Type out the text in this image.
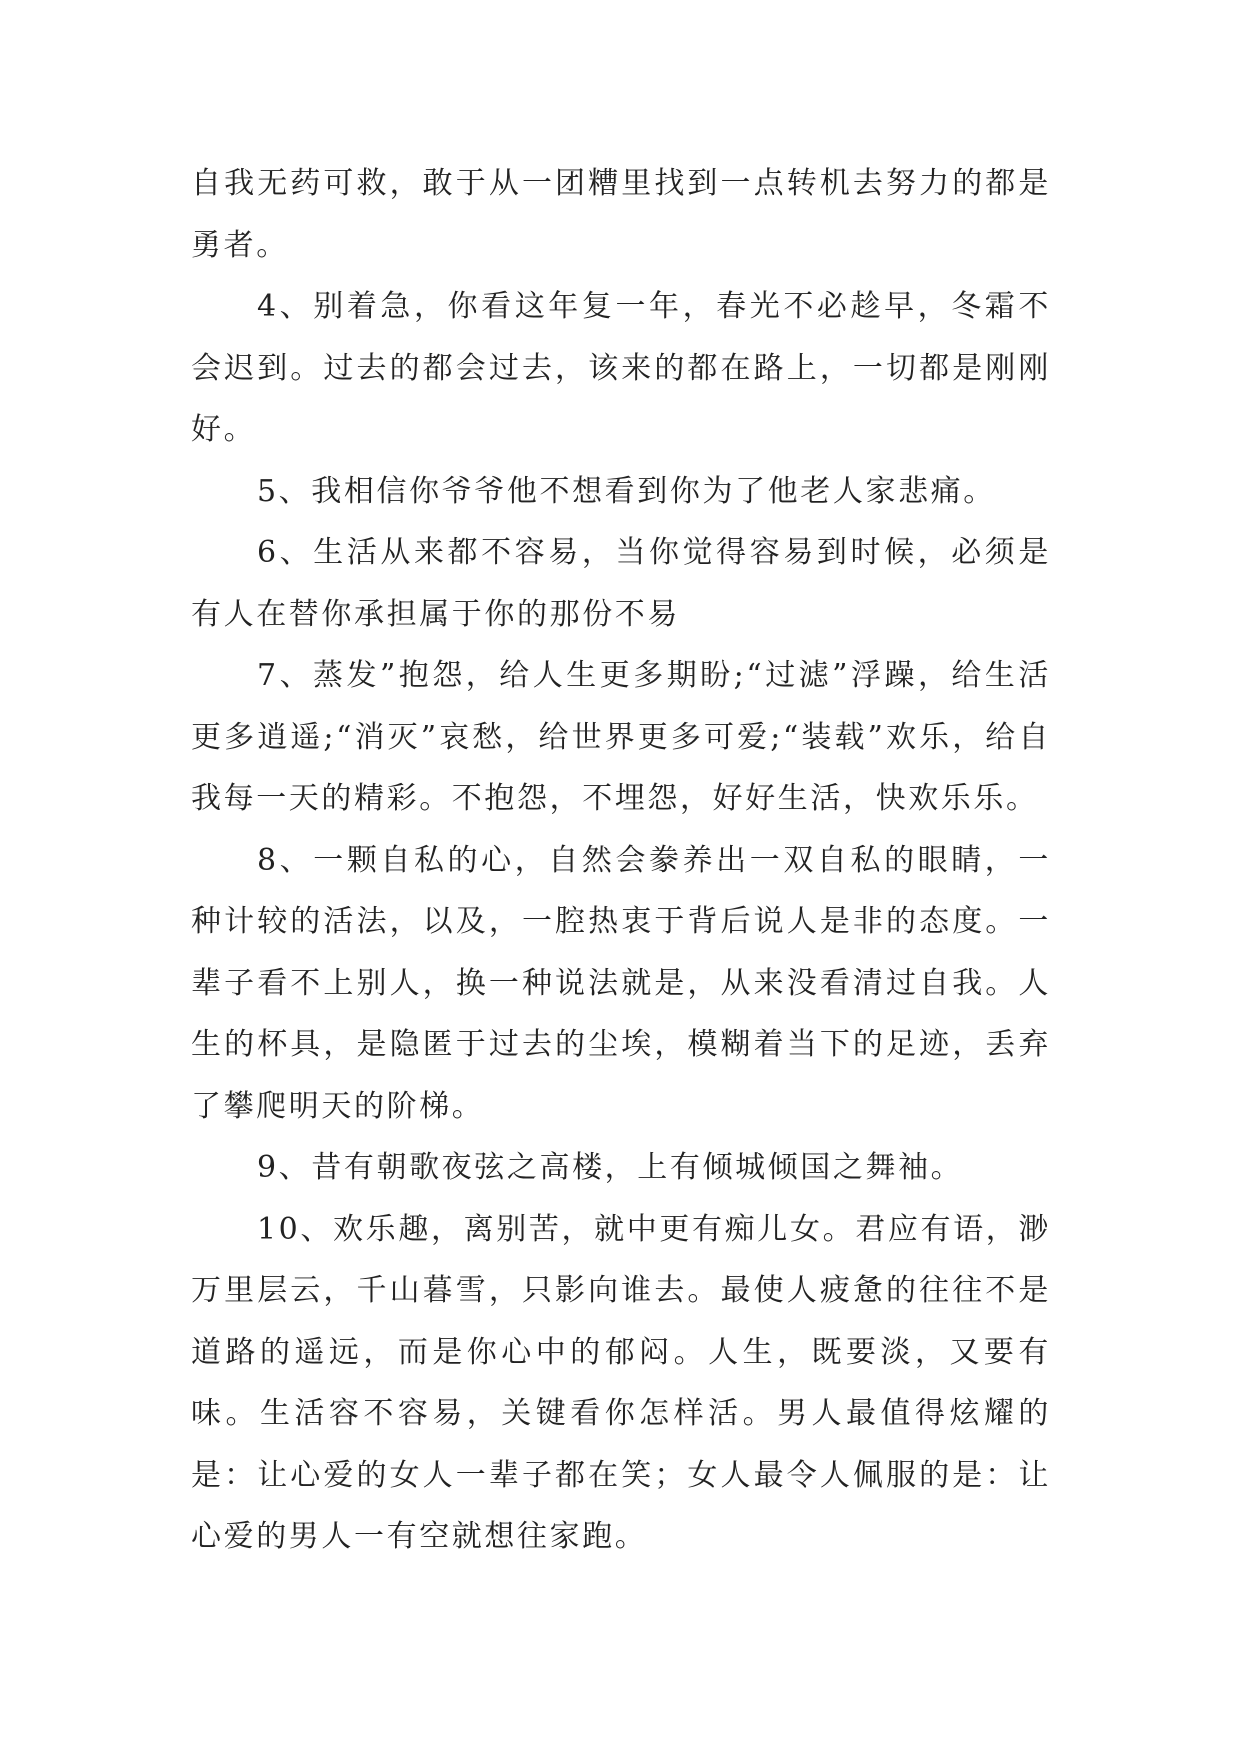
自我无药可救，敢于从一团糟里找到一点转机去努力的都是勇者。

4、别着急，你看这年复一年，春光不必趁早，冬霜不会迟到。过去的都会过去，该来的都在路上，一切都是刚刚好。

5、我相信你爷爷他不想看到你为了他老人家悲痛。

6、生活从来都不容易，当你觉得容易到时候，必须是有人在替你承担属于你的那份不易

7、蒸发”抱怨，给人生更多期盼;“过滤”浮躁，给生活更多逍遥;“消灭”哀愁，给世界更多可爱;“装载”欢乐，给自我每一天的精彩。不抱怨，不埋怨，好好生活，快欢乐乐。

8、一颗自私的心，自然会豢养出一双自私的眼睛，一种计较的活法，以及，一腔热衷于背后说人是非的态度。一辈子看不上别人，换一种说法就是，从来没看清过自我。人生的杯具，是隐匿于过去的尘埃，模糊着当下的足迹，丢弃了攀爬明天的阶梯。

9、昔有朝歌夜弦之高楼，上有倾城倾国之舞袖。

10、欢乐趣，离别苦，就中更有痴儿女。君应有语，渺万里层云，千山暮雪，只影向谁去。最使人疲惫的往往不是道路的遥远，而是你心中的郁闷。人生，既要淡，又要有味。生活容不容易，关键看你怎样活。男人最值得炫耀的是：让心爱的女人一辈子都在笑；女人最令人佩服的是：让心爱的男人一有空就想往家跑。
